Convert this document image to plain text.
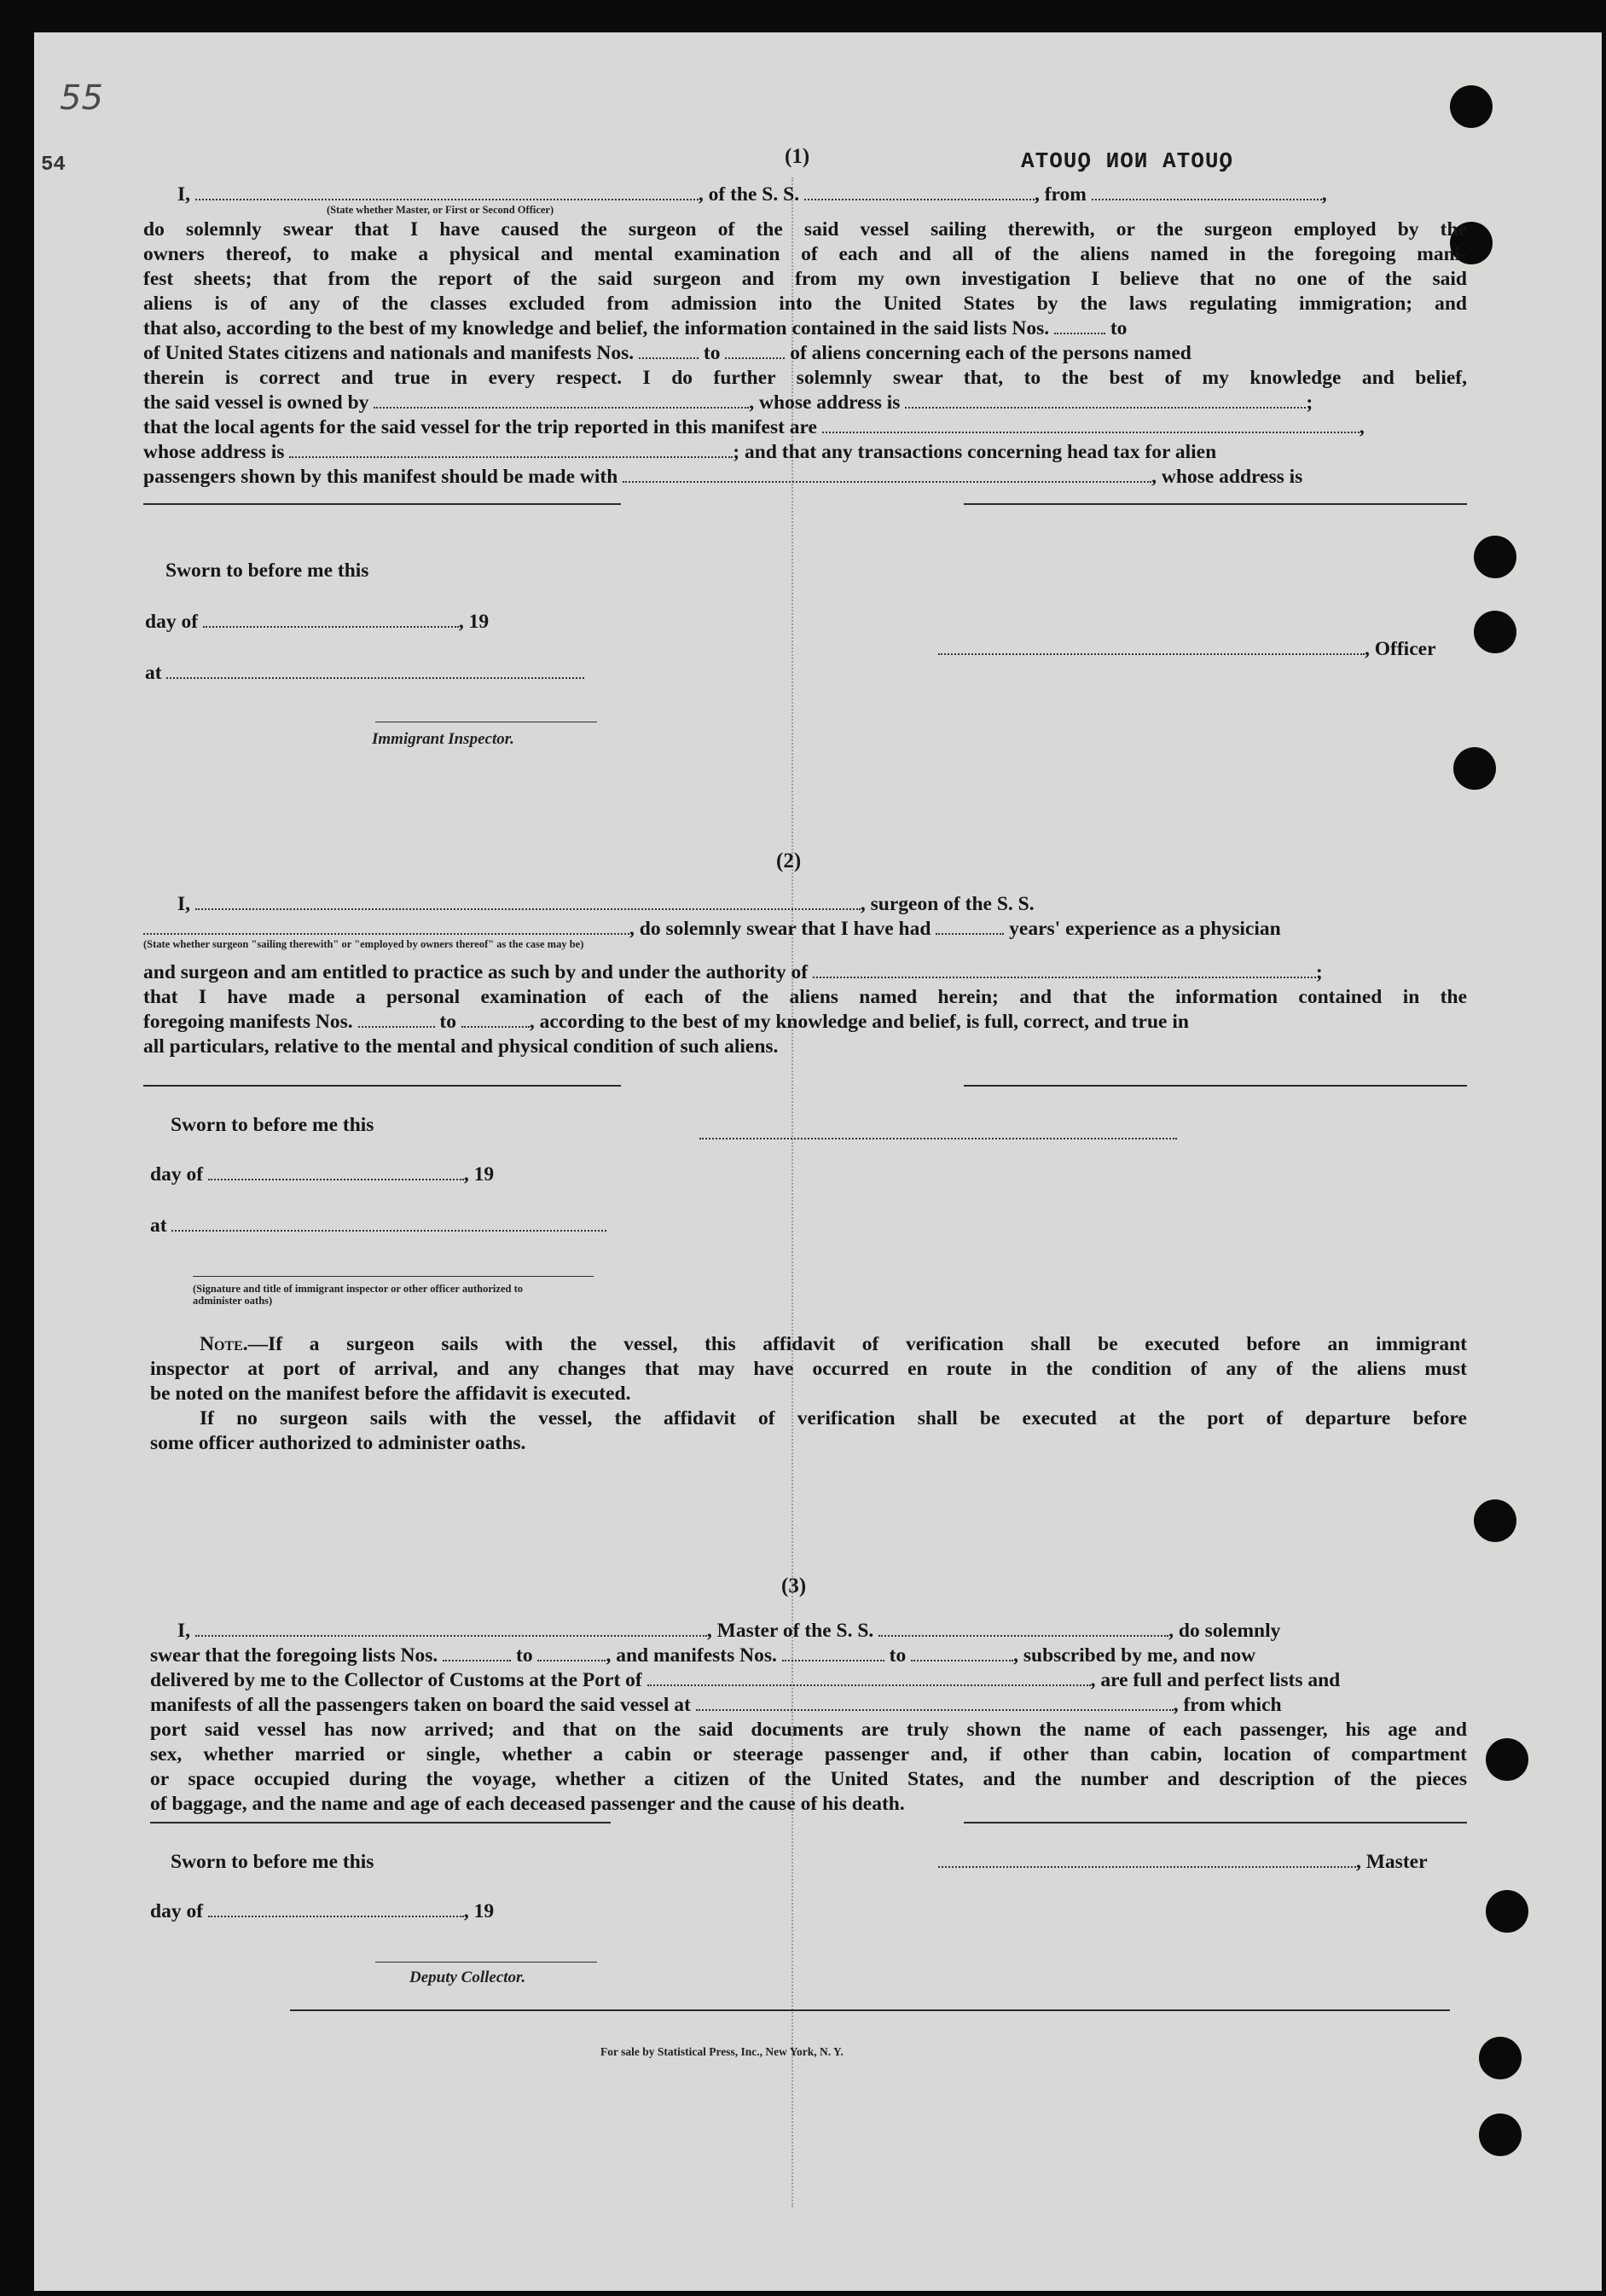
55
54	(1)	QUOTA NON QUOTA
I,	, of the S. S.	, from	,
(State whether Master, or First or Second Officer)
do solemnly swear that I have caused the surgeon of the said vessel sailing therewith, or the surgeon employed by the
owners thereof, to make a physical and mental examination of each and all of the aliens named in the foregoing mani-
fest sheets; that from the report of the said surgeon and from my own investigation I believe that no one of the said
aliens is of any of the classes excluded from admission into the United States by the laws regulating immigration; and
that also, according to the best of my knowledge and belief, the information contained in the said lists Nos.	to
of United States citizens and nationals and manifests Nos.	to	of aliens concerning each of the persons named
therein is correct and true in every respect. I do further solemnly swear that, to the best of my knowledge and belief,
the said vessel is owned by	, whose address is	;
that the local agents for the said vessel for the trip reported in this manifest are	,
whose address is	; and that any transactions concerning head tax for alien
passengers shown by this manifest should be made with	, whose address is
Sworn to before me this
day of	, 19
, Officer
at
Immigrant Inspector.
(2)
I,	, surgeon of the S. S.
, do solemnly swear that I have had	years' experience as a physician
(State whether surgeon "sailing therewith" or "employed by owners thereof" as the case may be)
and surgeon and am entitled to practice as such by and under the authority of	;
that I have made a personal examination of each of the aliens named herein; and that the information contained in the
foregoing manifests Nos.	to	, according to the best of my knowledge and belief, is full, correct, and true in
all particulars, relative to the mental and physical condition of such aliens.
Sworn to before me this
day of	, 19
at
(Signature and title of immigrant inspector or other officer authorized to administer oaths)
Note.—If a surgeon sails with the vessel, this affidavit of verification shall be executed before an immigrant
inspector at port of arrival, and any changes that may have occurred en route in the condition of any of the aliens must
be noted on the manifest before the affidavit is executed.
If no surgeon sails with the vessel, the affidavit of verification shall be executed at the port of departure before
some officer authorized to administer oaths.
(3)
I,	, Master of the S. S.	, do solemnly
swear that the foregoing lists Nos.	to	, and manifests Nos.	to	, subscribed by me, and now
delivered by me to the Collector of Customs at the Port of	, are full and perfect lists and
manifests of all the passengers taken on board the said vessel at	, from which
port said vessel has now arrived; and that on the said documents are truly shown the name of each passenger, his age and
sex, whether married or single, whether a cabin or steerage passenger and, if other than cabin, location of compartment
or space occupied during the voyage, whether a citizen of the United States, and the number and description of the pieces
of baggage, and the name and age of each deceased passenger and the cause of his death.
Sworn to before me this	, Master
day of	, 19
Deputy Collector.
For sale by Statistical Press, Inc., New York, N. Y.
